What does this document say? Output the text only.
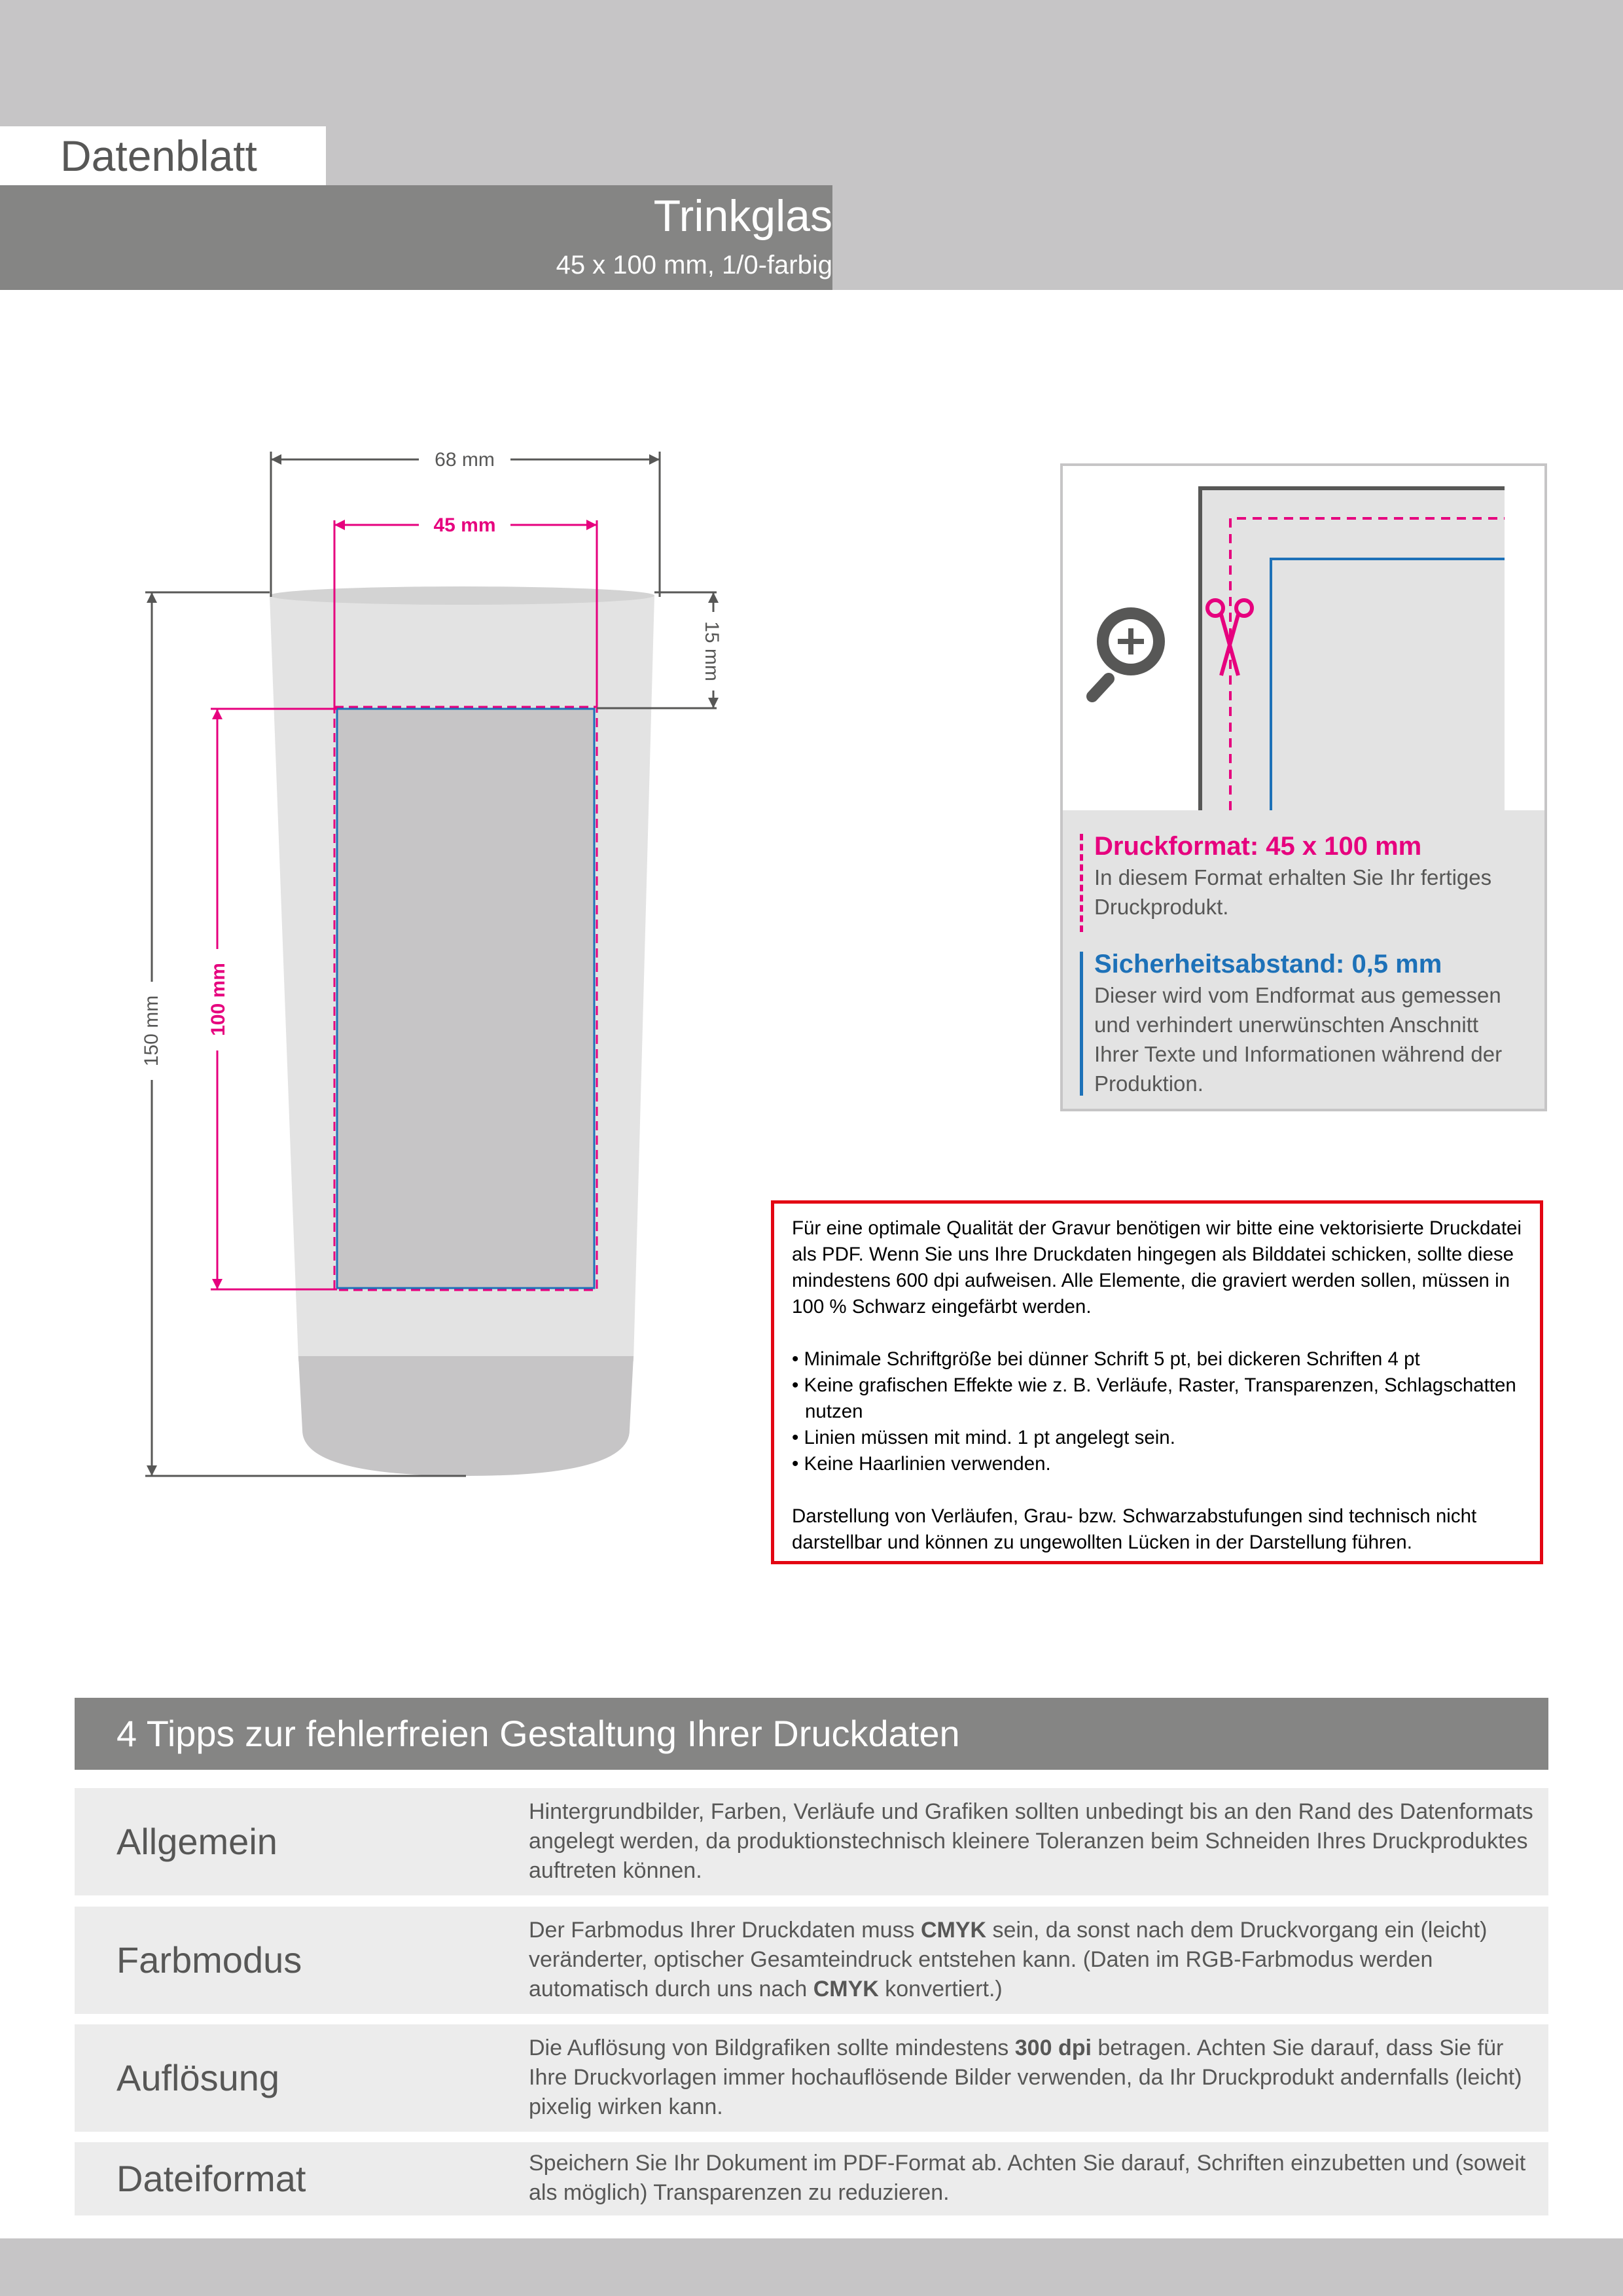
Datenblatt
Trinkglas
45 x 100 mm, 1/0-farbig
68 mm
45 mm
15 mm
100 mm
150 mm
Druckformat: 45 x 100 mm
In diesem Format erhalten Sie Ihr fertiges Druckprodukt.
Sicherheitsabstand: 0,5 mm
Dieser wird vom Endformat aus gemessen und verhindert unerwünschten Anschnitt Ihrer Texte und Informationen während der Produktion.

Für eine optimale Qualität der Gravur benötigen wir bitte eine vektorisierte Druckdatei als PDF. Wenn Sie uns Ihre Druckdaten hingegen als Bilddatei schicken, sollte diese mindestens 600 dpi aufweisen. Alle Elemente, die graviert werden sollen, müssen in 100 % Schwarz eingefärbt werden.

• Minimale Schriftgröße bei dünner Schrift 5 pt, bei dickeren Schriften 4 pt
• Keine grafischen Effekte wie z. B. Verläufe, Raster, Transparenzen, Schlagschatten nutzen
• Linien müssen mit mind. 1 pt angelegt sein.
• Keine Haarlinien verwenden.

Darstellung von Verläufen, Grau- bzw. Schwarzabstufungen sind technisch nicht darstellbar und können zu ungewollten Lücken in der Darstellung führen.

4 Tipps zur fehlerfreien Gestaltung Ihrer Druckdaten
Allgemein
Hintergrundbilder, Farben, Verläufe und Grafiken sollten unbedingt bis an den Rand des Datenformats angelegt werden, da produktionstechnisch kleinere Toleranzen beim Schneiden Ihres Druckproduktes auftreten können.
Farbmodus
Der Farbmodus Ihrer Druckdaten muss CMYK sein, da sonst nach dem Druckvorgang ein (leicht) veränderter, optischer Gesamteindruck entstehen kann. (Daten im RGB-Farbmodus werden automatisch durch uns nach CMYK konvertiert.)
Auflösung
Die Auflösung von Bildgrafiken sollte mindestens 300 dpi betragen. Achten Sie darauf, dass Sie für Ihre Druckvorlagen immer hochauflösende Bilder verwenden, da Ihr Druckprodukt andernfalls (leicht) pixelig wirken kann.
Dateiformat	Speichern Sie Ihr Dokument im PDF-Format ab. Achten Sie darauf, Schriften einzubetten und (soweit als möglich) Transparenzen zu reduzieren.
